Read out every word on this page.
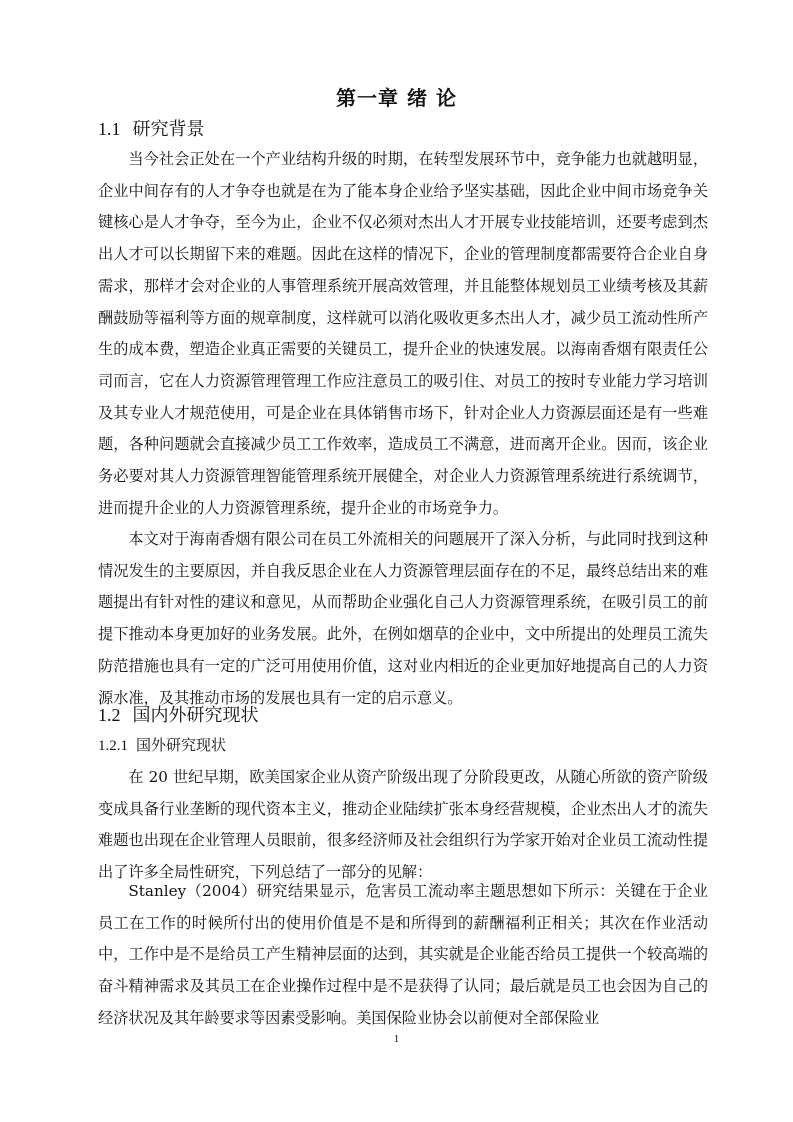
第一章 绪 论
1.1 研究背景

当今社会正处在一个产业结构升级的时期，在转型发展环节中，竞争能力也就越明显，企业中间存有的人才争夺也就是在为了能本身企业给予坚实基础，因此企业中间市场竞争关键核心是人才争夺，至今为止，企业不仅必须对杰出人才开展专业技能培训，还要考虑到杰出人才可以长期留下来的难题。因此在这样的情况下，企业的管理制度都需要符合企业自身需求，那样才会对企业的人事管理系统开展高效管理，并且能整体规划员工业绩考核及其薪酬鼓励等福利等方面的规章制度，这样就可以消化吸收更多杰出人才，减少员工流动性所产生的成本费，塑造企业真正需要的关键员工，提升企业的快速发展。以海南香烟有限责任公司而言，它在人力资源管理管理工作应注意员工的吸引住、对员工的按时专业能力学习培训及其专业人才规范使用，可是企业在具体销售市场下，针对企业人力资源层面还是有一些难题，各种问题就会直接减少员工工作效率，造成员工不满意，进而离开企业。因而，该企业务必要对其人力资源管理智能管理系统开展健全，对企业人力资源管理系统进行系统调节，进而提升企业的人力资源管理系统，提升企业的市场竞争力。

本文对于海南香烟有限公司在员工外流相关的问题展开了深入分析，与此同时找到这种情况发生的主要原因，并自我反思企业在人力资源管理层面存在的不足，最终总结出来的难题提出有针对性的建议和意见，从而帮助企业强化自己人力资源管理系统，在吸引员工的前提下推动本身更加好的业务发展。此外，在例如烟草的企业中，文中所提出的处理员工流失防范措施也具有一定的广泛可用使用价值，这对业内相近的企业更加好地提高自己的人力资源水准，及其推动市场的发展也具有一定的启示意义。

1.2 国内外研究现状
1.2.1 国外研究现状

在 20 世纪早期，欧美国家企业从资产阶级出现了分阶段更改，从随心所欲的资产阶级变成具备行业垄断的现代资本主义，推动企业陆续扩张本身经营规模，企业杰出人才的流失难题也出现在企业管理人员眼前，很多经济师及社会组织行为学家开始对企业员工流动性提出了许多全局性研究，下列总结了一部分的见解：

Stanley（2004）研究结果显示，危害员工流动率主题思想如下所示：关键在于企业员工在工作的时候所付出的使用价值是不是和所得到的薪酬福利正相关；其次在作业活动中，工作中是不是给员工产生精神层面的达到，其实就是企业能否给员工提供一个较高端的奋斗精神需求及其员工在企业操作过程中是不是获得了认同；最后就是员工也会因为自己的经济状况及其年龄要求等因素受影响。美国保险业协会以前便对全部保险业

1
